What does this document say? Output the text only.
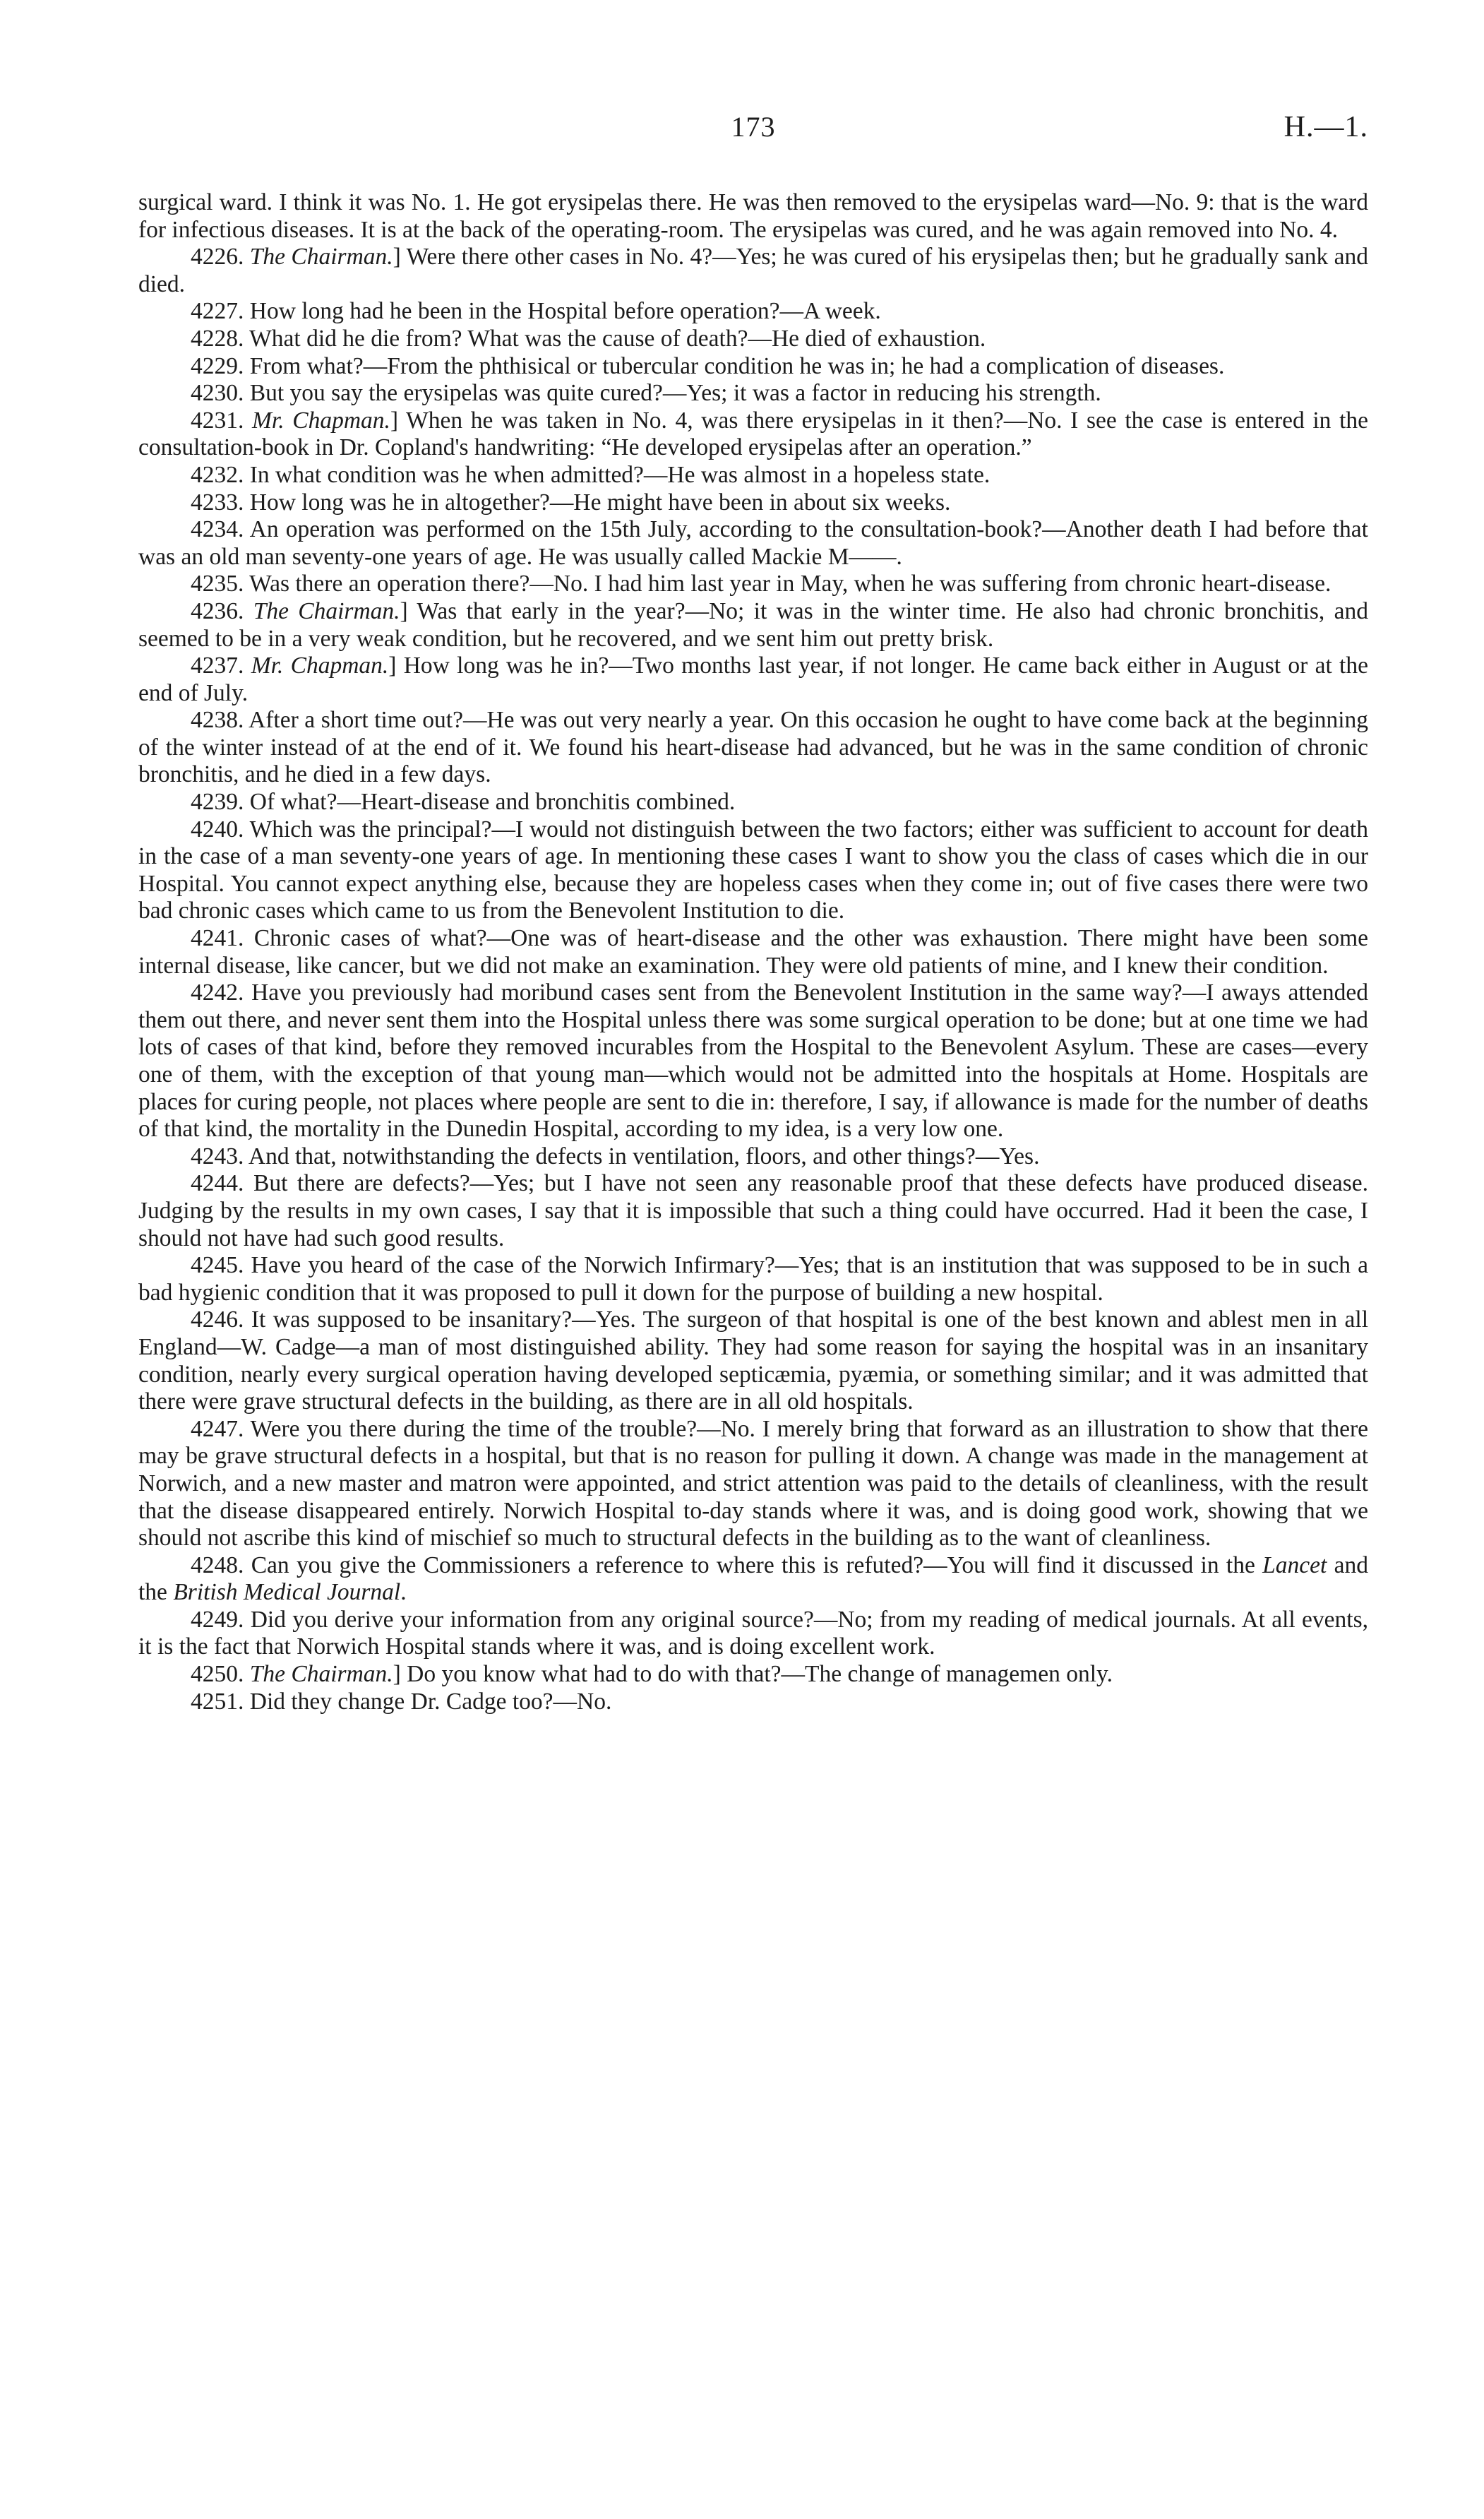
173	H.—1.

surgical ward. I think it was No. 1. He got erysipelas there. He was then removed to the erysipelas ward—No. 9: that is the ward for infectious diseases. It is at the back of the operating-room. The erysipelas was cured, and he was again removed into No. 4.

4226. The Chairman.] Were there other cases in No. 4?—Yes; he was cured of his erysipelas then; but he gradually sank and died.

4227. How long had he been in the Hospital before operation?—A week.

4228. What did he die from? What was the cause of death?—He died of exhaustion.

4229. From what?—From the phthisical or tubercular condition he was in; he had a complication of diseases.

4230. But you say the erysipelas was quite cured?—Yes; it was a factor in reducing his strength.

4231. Mr. Chapman.] When he was taken in No. 4, was there erysipelas in it then?—No. I see the case is entered in the consultation-book in Dr. Copland's handwriting: “He developed erysipelas after an operation.”

4232. In what condition was he when admitted?—He was almost in a hopeless state.

4233. How long was he in altogether?—He might have been in about six weeks.

4234. An operation was performed on the 15th July, according to the consultation-book?—Another death I had before that was an old man seventy-one years of age. He was usually called Mackie M——.

4235. Was there an operation there?—No. I had him last year in May, when he was suffering from chronic heart-disease.

4236. The Chairman.] Was that early in the year?—No; it was in the winter time. He also had chronic bronchitis, and seemed to be in a very weak condition, but he recovered, and we sent him out pretty brisk.

4237. Mr. Chapman.] How long was he in?—Two months last year, if not longer. He came back either in August or at the end of July.

4238. After a short time out?—He was out very nearly a year. On this occasion he ought to have come back at the beginning of the winter instead of at the end of it. We found his heart-disease had advanced, but he was in the same condition of chronic bronchitis, and he died in a few days.

4239. Of what?—Heart-disease and bronchitis combined.

4240. Which was the principal?—I would not distinguish between the two factors; either was sufficient to account for death in the case of a man seventy-one years of age. In mentioning these cases I want to show you the class of cases which die in our Hospital. You cannot expect anything else, because they are hopeless cases when they come in; out of five cases there were two bad chronic cases which came to us from the Benevolent Institution to die.

4241. Chronic cases of what?—One was of heart-disease and the other was exhaustion. There might have been some internal disease, like cancer, but we did not make an examination. They were old patients of mine, and I knew their condition.

4242. Have you previously had moribund cases sent from the Benevolent Institution in the same way?—I aways attended them out there, and never sent them into the Hospital unless there was some surgical operation to be done; but at one time we had lots of cases of that kind, before they removed incurables from the Hospital to the Benevolent Asylum. These are cases—every one of them, with the exception of that young man—which would not be admitted into the hospitals at Home. Hospitals are places for curing people, not places where people are sent to die in: therefore, I say, if allowance is made for the number of deaths of that kind, the mortality in the Dunedin Hospital, according to my idea, is a very low one.

4243. And that, notwithstanding the defects in ventilation, floors, and other things?—Yes.

4244. But there are defects?—Yes; but I have not seen any reasonable proof that these defects have produced disease. Judging by the results in my own cases, I say that it is impossible that such a thing could have occurred. Had it been the case, I should not have had such good results.

4245. Have you heard of the case of the Norwich Infirmary?—Yes; that is an institution that was supposed to be in such a bad hygienic condition that it was proposed to pull it down for the purpose of building a new hospital.

4246. It was supposed to be insanitary?—Yes. The surgeon of that hospital is one of the best known and ablest men in all England—W. Cadge—a man of most distinguished ability. They had some reason for saying the hospital was in an insanitary condition, nearly every surgical operation having developed septicæmia, pyæmia, or something similar; and it was admitted that there were grave structural defects in the building, as there are in all old hospitals.

4247. Were you there during the time of the trouble?—No. I merely bring that forward as an illustration to show that there may be grave structural defects in a hospital, but that is no reason for pulling it down. A change was made in the management at Norwich, and a new master and matron were appointed, and strict attention was paid to the details of cleanliness, with the result that the disease disappeared entirely. Norwich Hospital to-day stands where it was, and is doing good work, showing that we should not ascribe this kind of mischief so much to structural defects in the building as to the want of cleanliness.

4248. Can you give the Commissioners a reference to where this is refuted?—You will find it discussed in the Lancet and the British Medical Journal.

4249. Did you derive your information from any original source?—No; from my reading of medical journals. At all events, it is the fact that Norwich Hospital stands where it was, and is doing excellent work.

4250. The Chairman.] Do you know what had to do with that?—The change of managemen only.

4251. Did they change Dr. Cadge too?—No.
